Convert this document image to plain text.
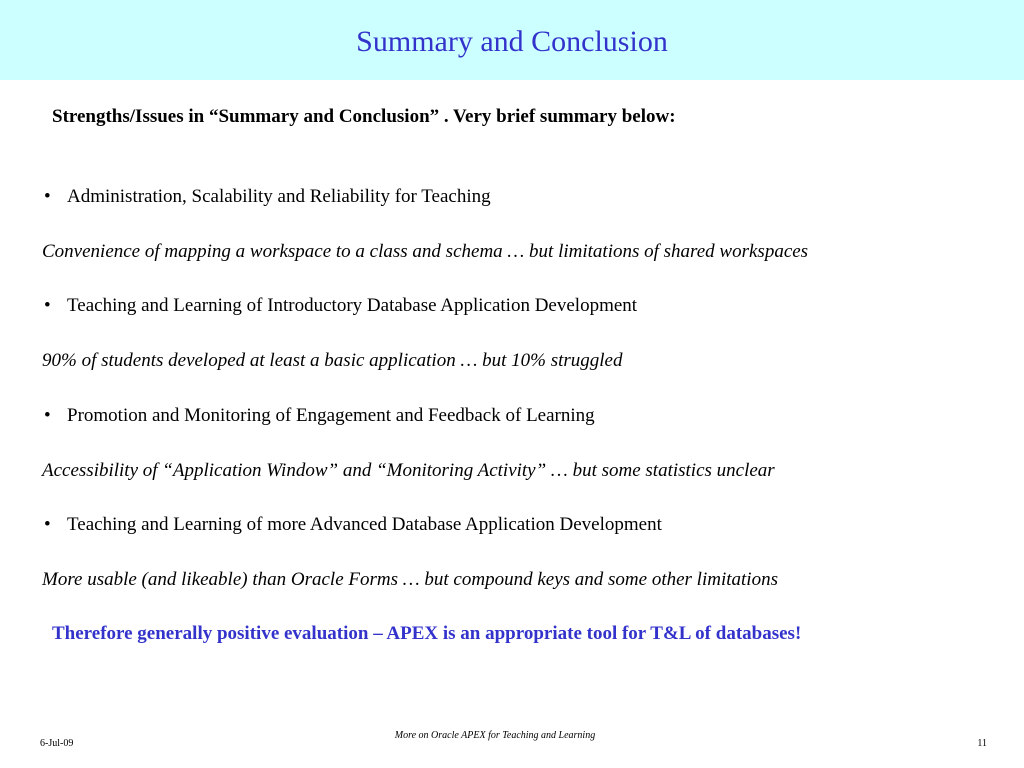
Summary and Conclusion
Strengths/Issues in “Summary and Conclusion” . Very brief summary below:
• Administration, Scalability and Reliability for Teaching
Convenience of mapping a workspace to a class and schema … but limitations of shared workspaces
• Teaching and Learning of Introductory Database Application Development
90% of students developed at least a basic application … but 10% struggled
• Promotion and Monitoring of Engagement and Feedback of Learning
Accessibility of “Application Window” and “Monitoring Activity” … but some statistics unclear
• Teaching and Learning of more Advanced Database Application Development
More usable (and likeable) than Oracle Forms … but compound keys and some other limitations
Therefore generally positive evaluation – APEX is an appropriate tool for T&L of databases!
6-Jul-09
More on Oracle APEX for Teaching and Learning
11
